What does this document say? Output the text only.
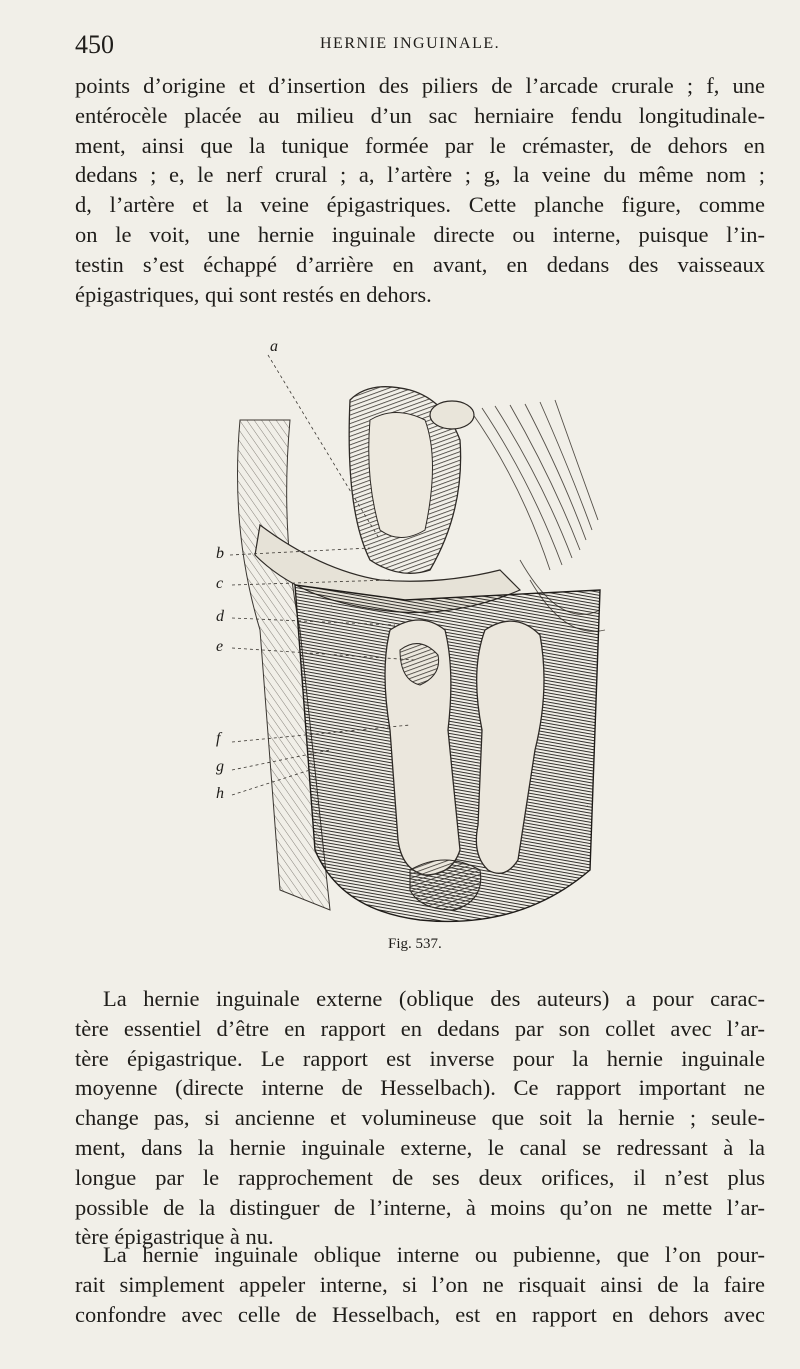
450	HERNIE INGUINALE.
points d’origine et d’insertion des piliers de l’arcade crurale ; f, une
entérocèle placée au milieu d’un sac herniaire fendu longitudinale-
ment, ainsi que la tunique formée par le crémaster, de dehors en
dedans ; e, le nerf crural ; a, l’artère ; g, la veine du même nom ;
d, l’artère et la veine épigastriques. Cette planche figure, comme
on le voit, une hernie inguinale directe ou interne, puisque l’in-
testin s’est échappé d’arrière en avant, en dedans des vaisseaux
épigastriques, qui sont restés en dehors.
a
b
c
d
e
f
g
h
Fig. 537.
La hernie inguinale externe (oblique des auteurs) a pour carac-
tère essentiel d’être en rapport en dedans par son collet avec l’ar-
tère épigastrique. Le rapport est inverse pour la hernie inguinale
moyenne (directe interne de Hesselbach). Ce rapport important ne
change pas, si ancienne et volumineuse que soit la hernie ; seule-
ment, dans la hernie inguinale externe, le canal se redressant à la
longue par le rapprochement de ses deux orifices, il n’est plus
possible de la distinguer de l’interne, à moins qu’on ne mette l’ar-
tère épigastrique à nu.
La hernie inguinale oblique interne ou pubienne, que l’on pour-
rait simplement appeler interne, si l’on ne risquait ainsi de la faire
confondre avec celle de Hesselbach, est en rapport en dehors avec
